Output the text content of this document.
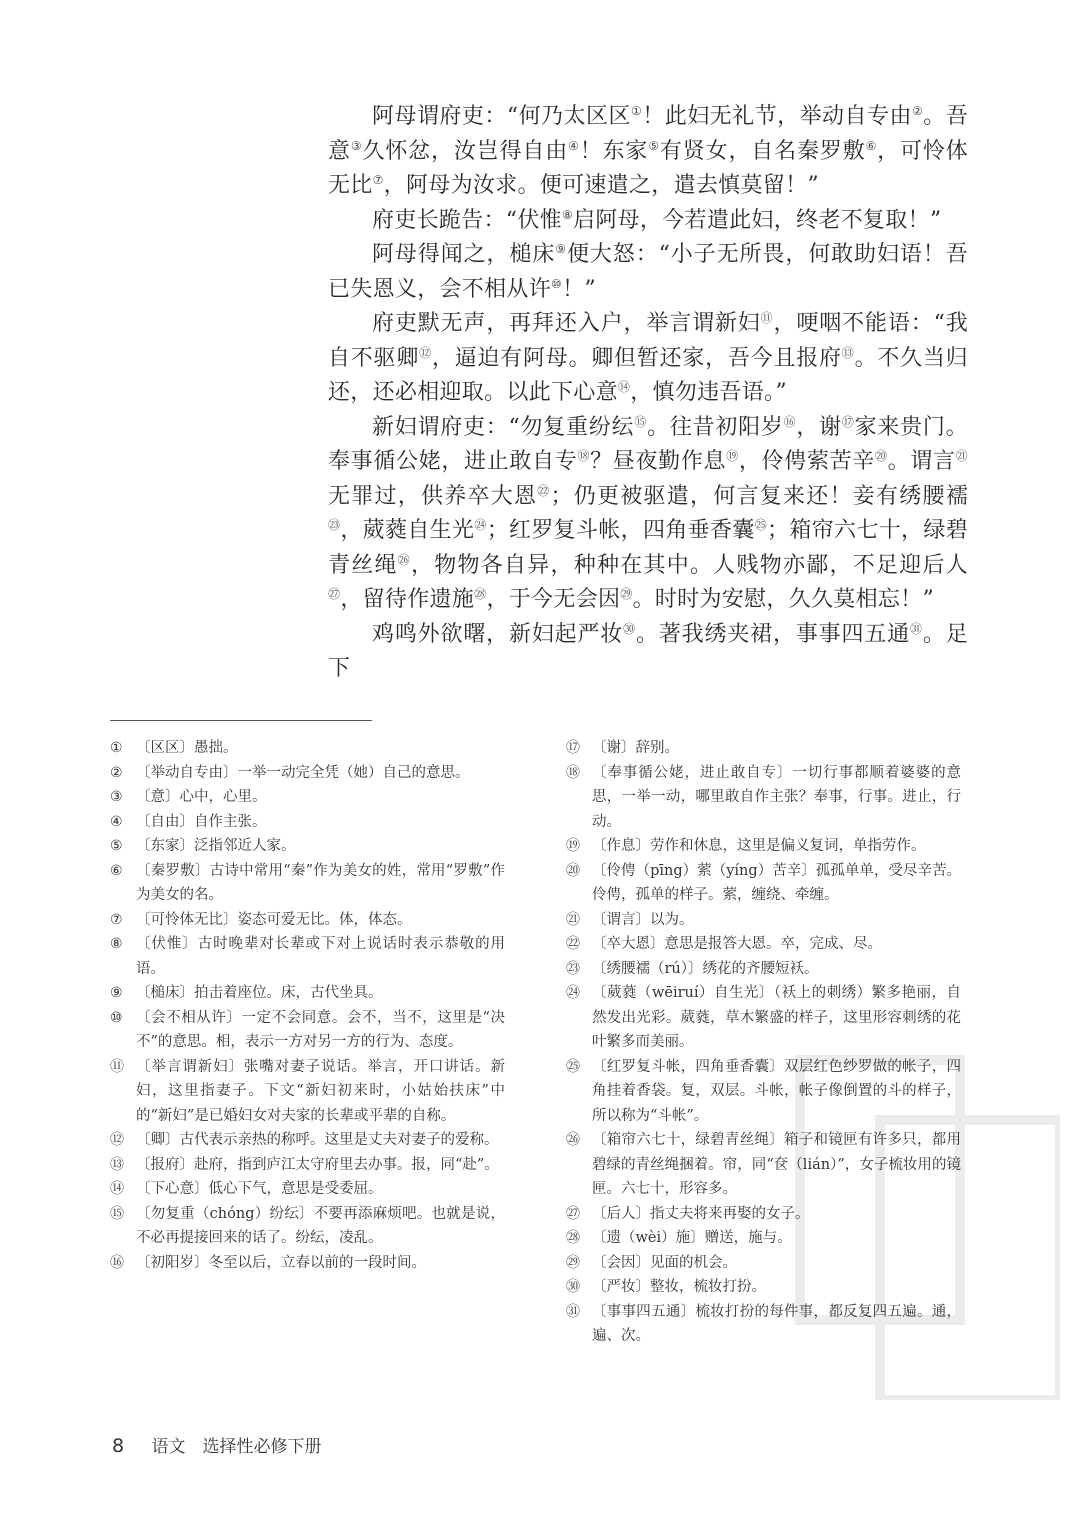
阿母谓府吏：“何乃太区区①！此妇无礼节，举动自专由②。吾意③久怀忿，汝岂得自由④！东家⑤有贤女，自名秦罗敷⑥，可怜体无比⑦，阿母为汝求。便可速遣之，遣去慎莫留！”

府吏长跪告：“伏惟⑧启阿母，今若遣此妇，终老不复取！”

阿母得闻之，槌床⑨便大怒：“小子无所畏，何敢助妇语！吾已失恩义，会不相从许⑩！”

府吏默无声，再拜还入户，举言谓新妇⑪，哽咽不能语：“我自不驱卿⑫，逼迫有阿母。卿但暂还家，吾今且报府⑬。不久当归还，还必相迎取。以此下心意⑭，慎勿违吾语。”

新妇谓府吏：“勿复重纷纭⑮。往昔初阳岁⑯，谢⑰家来贵门。奉事循公姥，进止敢自专⑱？昼夜勤作息⑲，伶俜萦苦辛⑳。谓言$^㉑$无罪过，供养卒大恩$^㉒$；仍更被驱遣，何言复来还！妾有绣腰襦$^㉓$，葳蕤自生光$^㉔$；红罗复斗帐，四角垂香囊$^㉕$；箱帘六七十，绿碧青丝绳$^㉖$，物物各自异，种种在其中。人贱物亦鄙，不足迎后人$^㉗$，留待作遗施$^㉘$，于今无会因$^㉙$。时时为安慰，久久莫相忘！”

鸡鸣外欲曙，新妇起严妆$^㉚$。著我绣夹裙，事事四五通$^㉛$。足下

① 〔区区〕愚拙。
② 〔举动自专由〕一举一动完全凭（她）自己的意思。
③ 〔意〕心中，心里。
④ 〔自由〕自作主张。
⑤ 〔东家〕泛指邻近人家。
⑥ 〔秦罗敷〕古诗中常用“秦”作为美女的姓，常用“罗敷”作为美女的名。
⑦ 〔可怜体无比〕姿态可爱无比。体，体态。
⑧ 〔伏惟〕古时晚辈对长辈或下对上说话时表示恭敬的用语。
⑨ 〔槌床〕拍击着座位。床，古代坐具。
⑩ 〔会不相从许〕一定不会同意。会不，当不，这里是“决不”的意思。相，表示一方对另一方的行为、态度。
⑪ 〔举言谓新妇〕张嘴对妻子说话。举言，开口讲话。新妇，这里指妻子。下文“新妇初来时，小姑始扶床”中的“新妇”是已婚妇女对夫家的长辈或平辈的自称。
⑫ 〔卿〕古代表示亲热的称呼。这里是丈夫对妻子的爱称。
⑬ 〔报府〕赴府，指到庐江太守府里去办事。报，同“赴”。
⑭ 〔下心意〕低心下气，意思是受委屈。
⑮ 〔勿复重（chóng）纷纭〕不要再添麻烦吧。也就是说，不必再提接回来的话了。纷纭，凌乱。
⑯ 〔初阳岁〕冬至以后，立春以前的一段时间。
⑰ 〔谢〕辞别。
⑱ 〔奉事循公姥，进止敢自专〕一切行事都顺着婆婆的意思，一举一动，哪里敢自作主张？奉事，行事。进止，行动。
⑲ 〔作息〕劳作和休息，这里是偏义复词，单指劳作。
⑳ 〔伶俜（pīng）萦（yíng）苦辛〕孤孤单单，受尽辛苦。伶俜，孤单的样子。萦，缠绕、牵缠。
㉑ 〔谓言〕以为。
㉒ 〔卒大恩〕意思是报答大恩。卒，完成、尽。
㉓ 〔绣腰襦（rú）〕绣花的齐腰短袄。
㉔ 〔葳蕤（wēiruí）自生光〕（袄上的刺绣）繁多艳丽，自然发出光彩。葳蕤，草木繁盛的样子，这里形容刺绣的花叶繁多而美丽。
㉕ 〔红罗复斗帐，四角垂香囊〕双层红色纱罗做的帐子，四角挂着香袋。复，双层。斗帐，帐子像倒置的斗的样子，所以称为“斗帐”。
㉖ 〔箱帘六七十，绿碧青丝绳〕箱子和镜匣有许多只，都用碧绿的青丝绳捆着。帘，同“奁（lián）”，女子梳妆用的镜匣。六七十，形容多。
㉗ 〔后人〕指丈夫将来再娶的女子。
㉘ 〔遗（wèi）施〕赠送，施与。
㉙ 〔会因〕见面的机会。
㉚ 〔严妆〕整妆，梳妆打扮。
㉛ 〔事事四五通〕梳妆打扮的每件事，都反复四五遍。通，遍、次。
8 语文　选择性必修下册
